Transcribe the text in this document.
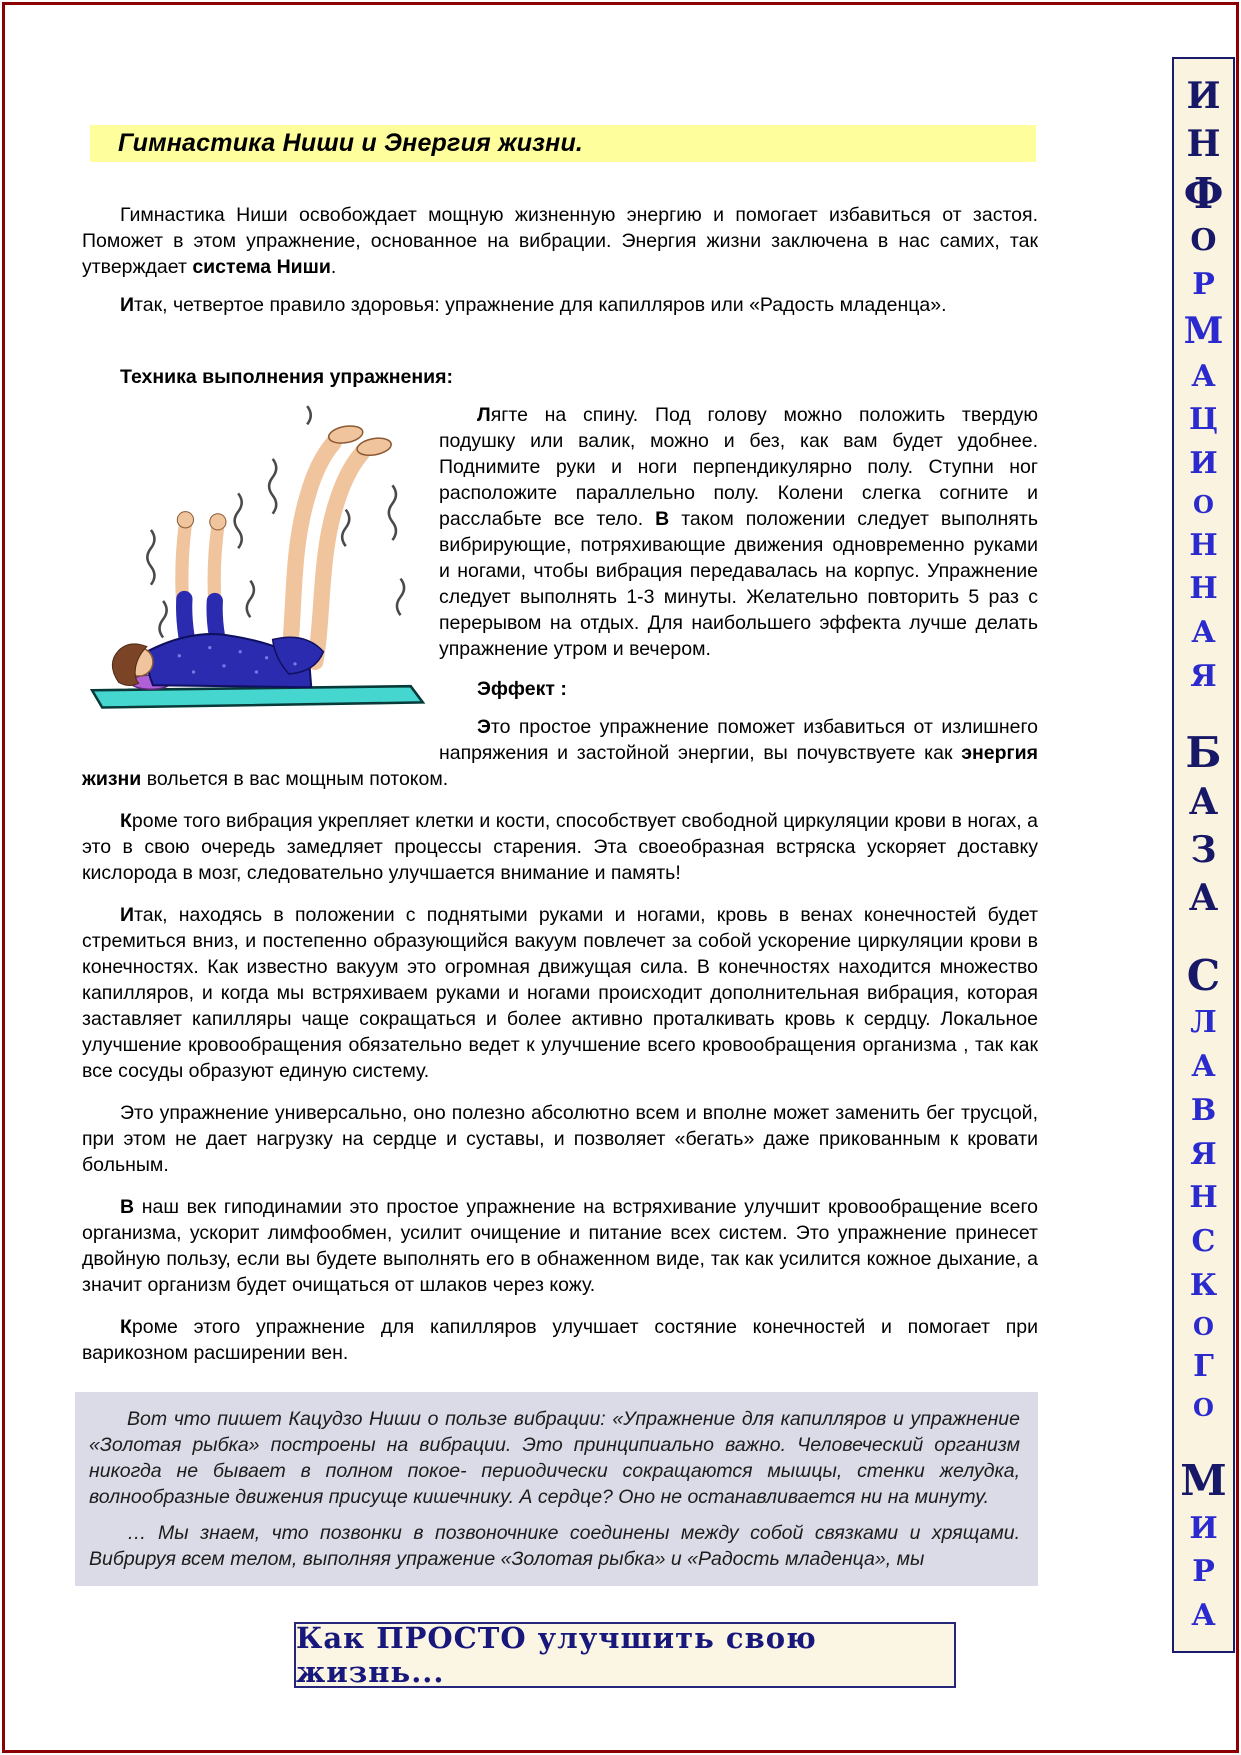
Гимнастика Ниши и Энергия жизни.

Гимнастика Ниши освобождает мощную жизненную энергию и помогает избавиться от застоя. Поможет в этом упражнение, основанное на вибрации. Энергия жизни заключена в нас самих, так утверждает система Ниши.

Итак, четвертое правило здоровья: упражнение для капилляров или «Радость младенца».

Техника выполнения упражнения:

Лягте на спину. Под голову можно положить твердую подушку или валик, можно и без, как вам будет удобнее. Поднимите руки и ноги перпендикулярно полу. Ступни ног расположите параллельно полу. Колени слегка согните и расслабьте все тело. В таком положении следует выполнять вибрирующие, потряхивающие движения одновременно руками и ногами, чтобы вибрация передавалась на корпус. Упражнение следует выполнять 1-3 минуты. Желательно повторить 5 раз с перерывом на отдых. Для наибольшего эффекта лучше делать упражнение утром и вечером.

Эффект :

Это простое упражнение поможет избавиться от излишнего напряжения и застойной энергии, вы почувствуете как энергия жизни вольется в вас мощным потоком.

Кроме того вибрация укрепляет клетки и кости, способствует свободной циркуляции крови в ногах, а это в свою очередь замедляет процессы старения. Эта своеобразная встряска ускоряет доставку кислорода в мозг, следовательно улучшается внимание и память!

Итак, находясь в положении с поднятыми руками и ногами, кровь в венах конечностей будет стремиться вниз, и постепенно образующийся вакуум повлечет за собой ускорение циркуляции крови в конечностях. Как известно вакуум это огромная движущая сила. В конечностях находится множество капилляров, и когда мы встряхиваем руками и ногами происходит дополнительная вибрация, которая заставляет капилляры чаще сокращаться и более активно проталкивать кровь к сердцу. Локальное улучшение кровообращения обязательно ведет к улучшение всего кровообращения организма , так как все сосуды образуют единую систему.

Это упражнение универсально, оно полезно абсолютно всем и вполне может заменить бег трусцой, при этом не дает нагрузку на сердце и суставы, и позволяет «бегать» даже прикованным к кровати больным.

В наш век гиподинамии это простое упражнение на встряхивание улучшит кровообращение всего организма, ускорит лимфообмен, усилит очищение и питание всех систем. Это упражнение принесет двойную пользу, если вы будете выполнять его в обнаженном виде, так как усилится кожное дыхание, а значит организм будет очищаться от шлаков через кожу.

Кроме этого упражнение для капилляров улучшает состяние конечностей и помогает при варикозном расширении вен.

Вот что пишет Кацудзо Ниши о пользе вибрации: «Упражнение для капилляров и упражнение «Золотая рыбка» построены на вибрации. Это принципиально важно. Человеческий организм никогда не бывает в полном покое- периодически сокращаются мышцы, стенки желудка, волнообразные движения присуще кишечнику. А сердце? Оно не останавливается ни на минуту.

… Мы знаем, что позвонки в позвоночнике соединены между собой связками и хрящами. Вибрируя всем телом, выполняя упражение «Золотая рыбка» и «Радость младенца», мы

Как ПРОСТО улучшить свою жизнь...
И
Н
Ф
О
Р
М
А
Ц
И
О
Н
Н
А
Я
Б
А
З
А
С
Л
А
В
Я
Н
С
К
О
Г
О
М
И
Р
А
